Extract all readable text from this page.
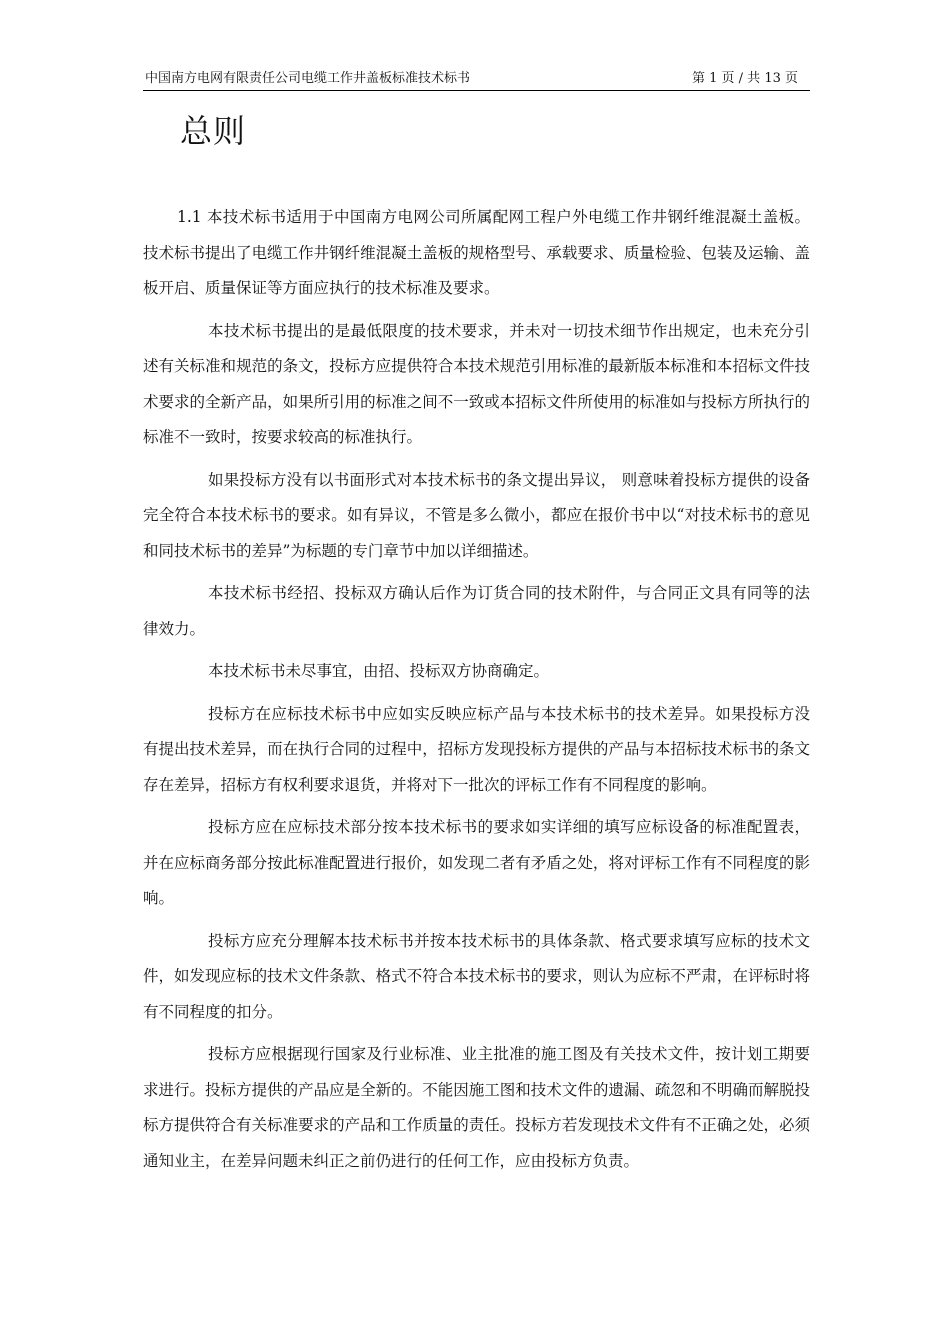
中国南方电网有限责任公司电缆工作井盖板标准技术标书	第 1 页 / 共 13 页
总则

1.1 本技术标书适用于中国南方电网公司所属配网工程户外电缆工作井钢纤维混凝土盖板。技术标书提出了电缆工作井钢纤维混凝土盖板的规格型号、承载要求、质量检验、包装及运输、盖板开启、质量保证等方面应执行的技术标准及要求。

本技术标书提出的是最低限度的技术要求，并未对一切技术细节作出规定，也未充分引述有关标准和规范的条文，投标方应提供符合本技术规范引用标准的最新版本标准和本招标文件技术要求的全新产品，如果所引用的标准之间不一致或本招标文件所使用的标准如与投标方所执行的标准不一致时，按要求较高的标准执行。

如果投标方没有以书面形式对本技术标书的条文提出异议， 则意味着投标方提供的设备完全符合本技术标书的要求。如有异议，不管是多么微小，都应在报价书中以“对技术标书的意见和同技术标书的差异”为标题的专门章节中加以详细描述。

本技术标书经招、投标双方确认后作为订货合同的技术附件，与合同正文具有同等的法律效力。

本技术标书未尽事宜，由招、投标双方协商确定。

投标方在应标技术标书中应如实反映应标产品与本技术标书的技术差异。如果投标方没有提出技术差异，而在执行合同的过程中，招标方发现投标方提供的产品与本招标技术标书的条文存在差异，招标方有权利要求退货，并将对下一批次的评标工作有不同程度的影响。

投标方应在应标技术部分按本技术标书的要求如实详细的填写应标设备的标准配置表，并在应标商务部分按此标准配置进行报价，如发现二者有矛盾之处，将对评标工作有不同程度的影响。

投标方应充分理解本技术标书并按本技术标书的具体条款、格式要求填写应标的技术文件，如发现应标的技术文件条款、格式不符合本技术标书的要求，则认为应标不严肃，在评标时将有不同程度的扣分。

投标方应根据现行国家及行业标准、业主批准的施工图及有关技术文件，按计划工期要求进行。投标方提供的产品应是全新的。不能因施工图和技术文件的遗漏、疏忽和不明确而解脱投标方提供符合有关标准要求的产品和工作质量的责任。投标方若发现技术文件有不正确之处，必须通知业主，在差异问题未纠正之前仍进行的任何工作，应由投标方负责。
